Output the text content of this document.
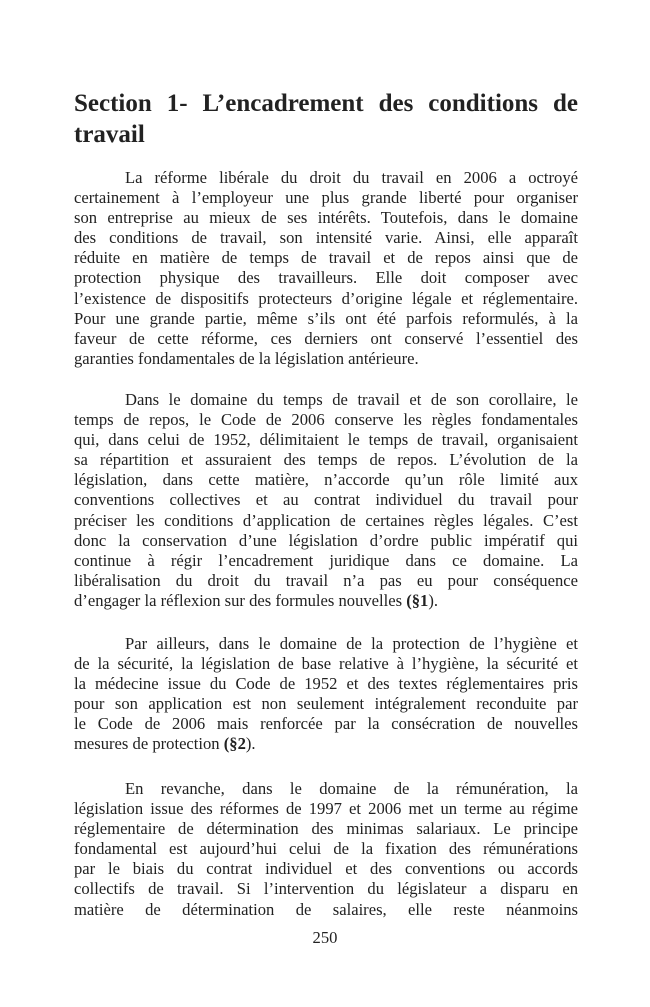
Section 1- L’encadrement des conditions de
travail
La réforme libérale du droit du travail en 2006 a octroyé
certainement à l’employeur une plus grande liberté pour organiser
son entreprise au mieux de ses intérêts. Toutefois, dans le domaine
des conditions de travail, son intensité varie. Ainsi, elle apparaît
réduite en matière de temps de travail et de repos ainsi que de
protection physique des travailleurs. Elle doit composer avec
l’existence de dispositifs protecteurs d’origine légale et réglementaire.
Pour une grande partie, même s’ils ont été parfois reformulés, à la
faveur de cette réforme, ces derniers ont conservé l’essentiel des
garanties fondamentales de la législation antérieure.
Dans le domaine du temps de travail et de son corollaire, le
temps de repos, le Code de 2006 conserve les règles fondamentales
qui, dans celui de 1952, délimitaient le temps de travail, organisaient
sa répartition et assuraient des temps de repos. L’évolution de la
législation, dans cette matière, n’accorde qu’un rôle limité aux
conventions collectives et au contrat individuel du travail pour
préciser les conditions d’application de certaines règles légales. C’est
donc la conservation d’une législation d’ordre public impératif qui
continue à régir l’encadrement juridique dans ce domaine. La
libéralisation du droit du travail n’a pas eu pour conséquence
d’engager la réflexion sur des formules nouvelles (§1).
Par ailleurs, dans le domaine de la protection de l’hygiène et
de la sécurité, la législation de base relative à l’hygiène, la sécurité et
la médecine issue du Code de 1952 et des textes réglementaires pris
pour son application est non seulement intégralement reconduite par
le Code de 2006 mais renforcée par la consécration de nouvelles
mesures de protection (§2).
En revanche, dans le domaine de la rémunération, la
législation issue des réformes de 1997 et 2006 met un terme au régime
réglementaire de détermination des minimas salariaux. Le principe
fondamental est aujourd’hui celui de la fixation des rémunérations
par le biais du contrat individuel et des conventions ou accords
collectifs de travail. Si l’intervention du législateur a disparu en
matière de détermination de salaires, elle reste néanmoins
250
